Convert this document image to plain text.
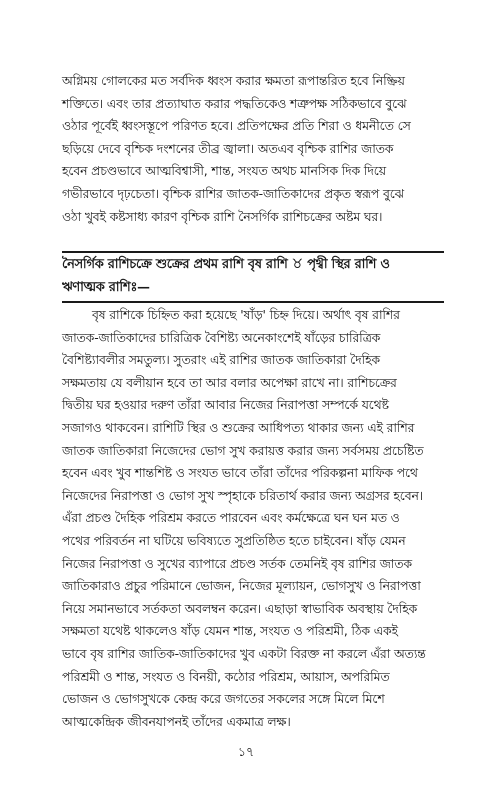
অগ্নিময় গোলকের মত সর্বদিক ধ্বংস করার ক্ষমতা রূপান্তরিত হবে নিষ্ক্রিয়
শক্তিতে। এবং তার প্রত্যাঘাত করার পদ্ধতিকেও শত্রুপক্ষ সঠিকভাবে বুঝে
ওঠার পূর্বেই ধ্বংসস্তূপে পরিণত হবে। প্রতিপক্ষের প্রতি শিরা ও ধমনীতে সে
ছড়িয়ে দেবে বৃশ্চিক দংশনের তীব্র জ্বালা। অতএব বৃশ্চিক রাশির জাতক
হবেন প্রচণ্ডভাবে আত্মবিশ্বাসী, শান্ত, সংযত অথচ মানসিক দিক দিয়ে
গভীরভাবে দৃঢ়চেতা। বৃশ্চিক রাশির জাতক-জাতিকাদের প্রকৃত স্বরূপ বুঝে
ওঠা খুবই কষ্টসাধ্য কারণ বৃশ্চিক রাশি নৈসর্গিক রাশিচক্রের অষ্টম ঘর।
নৈসর্গিক রাশিচক্রে শুক্রের প্রথম রাশি বৃষ রাশি ♉ পৃথ্বী স্থির রাশি ও
ঋণাত্মক রাশিঃ—
বৃষ রাশিকে চিহ্নিত করা হয়েছে 'ষাঁড়' চিহ্ন দিয়ে। অর্থাৎ বৃষ রাশির
জাতক-জাতিকাদের চারিত্রিক বৈশিষ্ট্য অনেকাংশেই ষাঁড়ের চারিত্রিক
বৈশিষ্ট্যাবলীর সমতুল্য। সুতরাং এই রাশির জাতক জাতিকারা দৈহিক
সক্ষমতায় যে বলীয়ান হবে তা আর বলার অপেক্ষা রাখে না। রাশিচক্রের
দ্বিতীয় ঘর হওয়ার দরুণ তাঁরা আবার নিজের নিরাপত্তা সম্পর্কে যথেষ্ট
সজাগও থাকবেন। রাশিটি স্থির ও শুক্রের আধিপত্য থাকার জন্য এই রাশির
জাতক জাতিকারা নিজেদের ভোগ সুখ করায়ত্ত করার জন্য সর্বসময় প্রচেষ্টিত
হবেন এবং খুব শান্তশিষ্ট ও সংযত ভাবে তাঁরা তাঁদের পরিকল্পনা মাফিক পথে
নিজেদের নিরাপত্তা ও ভোগ সুখ স্পৃহাকে চরিতার্থ করার জন্য অগ্রসর হবেন।
এঁরা প্রচণ্ড দৈহিক পরিশ্রম করতে পারবেন এবং কর্মক্ষেত্রে ঘন ঘন মত ও
পথের পরিবর্তন না ঘটিয়ে ভবিষ্যতে সুপ্রতিষ্ঠিত হতে চাইবেন। ষাঁড় যেমন
নিজের নিরাপত্তা ও সুখের ব্যাপারে প্রচণ্ড সর্তক তেমনিই বৃষ রাশির জাতক
জাতিকারাও প্রচুর পরিমানে ভোজন, নিজের মূল্যায়ন, ভোগসুখ ও নিরাপত্তা
নিয়ে সমানভাবে সর্তকতা অবলম্বন করেন। এছাড়া স্বাভাবিক অবস্থায় দৈহিক
সক্ষমতা যথেষ্ট থাকলেও ষাঁড় যেমন শান্ত, সংযত ও পরিশ্রমী, ঠিক একই
ভাবে বৃষ রাশির জাতিক-জাতিকাদের খুব একটা বিরক্ত না করলে এঁরা অত্যন্ত
পরিশ্রমী ও শান্ত, সংযত ও বিনয়ী, কঠোর পরিশ্রম, আয়াস, অপরিমিত
ভোজন ও ভোগসুখকে কেন্দ্র করে জগতের সকলের সঙ্গে মিলে মিশে
আত্মকেন্দ্রিক জীবনযাপনই তাঁদের একমাত্র লক্ষ।
১৭
